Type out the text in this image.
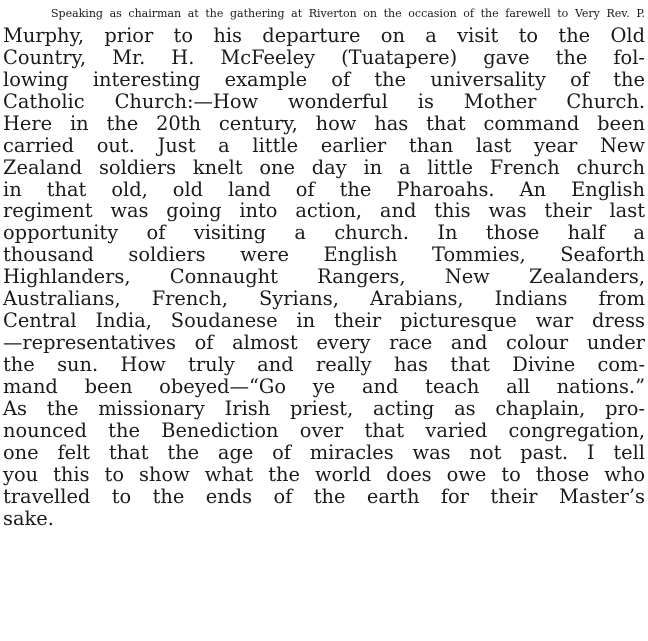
Speaking as chairman at the gathering at Riverton on the occasion of the farewell to Very Rev. P.
Murphy, prior to his departure on a visit to the Old
Country, Mr. H. McFeeley (Tuatapere) gave the fol-
lowing interesting example of the universality of the
Catholic Church:—How wonderful is Mother Church.
Here in the 20th century, how has that command been
carried out. Just a little earlier than last year New
Zealand soldiers knelt one day in a little French church
in that old, old land of the Pharoahs. An English
regiment was going into action, and this was their last
opportunity of visiting a church. In those half a
thousand soldiers were English Tommies, Seaforth
Highlanders, Connaught Rangers, New Zealanders,
Australians, French, Syrians, Arabians, Indians from
Central India, Soudanese in their picturesque war dress
—representatives of almost every race and colour under
the sun. How truly and really has that Divine com-
mand been obeyed—“Go ye and teach all nations.”
As the missionary Irish priest, acting as chaplain, pro-
nounced the Benediction over that varied congregation,
one felt that the age of miracles was not past. I tell
you this to show what the world does owe to those who
travelled to the ends of the earth for their Master’s
sake.
